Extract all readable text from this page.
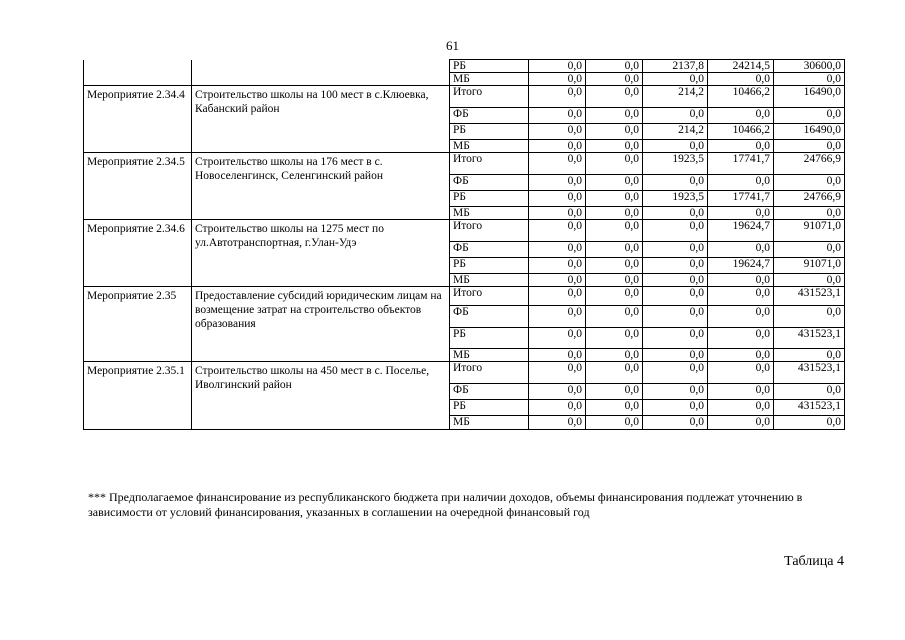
61
		РБ	0,0	0,0	2137,8	24214,5	30600,0
		МБ	0,0	0,0	0,0	0,0	0,0
Мероприятие 2.34.4	Строительство школы на 100 мест в с.Клюевка, Кабанский район	Итого	0,0	0,0	214,2	10466,2	16490,0
		ФБ	0,0	0,0	0,0	0,0	0,0
		РБ	0,0	0,0	214,2	10466,2	16490,0
		МБ	0,0	0,0	0,0	0,0	0,0
Мероприятие 2.34.5	Строительство школы на 176 мест в с. Новоселенгинск, Селенгинский район	Итого	0,0	0,0	1923,5	17741,7	24766,9
		ФБ	0,0	0,0	0,0	0,0	0,0
		РБ	0,0	0,0	1923,5	17741,7	24766,9
		МБ	0,0	0,0	0,0	0,0	0,0
Мероприятие 2.34.6	Строительство школы на 1275 мест по ул.Автотранспортная, г.Улан-Удэ	Итого	0,0	0,0	0,0	19624,7	91071,0
		ФБ	0,0	0,0	0,0	0,0	0,0
		РБ	0,0	0,0	0,0	19624,7	91071,0
		МБ	0,0	0,0	0,0	0,0	0,0
Мероприятие 2.35	Предоставление субсидий юридическим лицам на возмещение затрат на строительство объектов образования	Итого	0,0	0,0	0,0	0,0	431523,1
		ФБ	0,0	0,0	0,0	0,0	0,0
		РБ	0,0	0,0	0,0	0,0	431523,1
		МБ	0,0	0,0	0,0	0,0	0,0
Мероприятие 2.35.1	Строительство школы на 450 мест в с. Поселье, Иволгинский район	Итого	0,0	0,0	0,0	0,0	431523,1
		ФБ	0,0	0,0	0,0	0,0	0,0
		РБ	0,0	0,0	0,0	0,0	431523,1
		МБ	0,0	0,0	0,0	0,0	0,0
*** Предполагаемое финансирование из республиканского бюджета при наличии доходов, объемы финансирования подлежат уточнению в зависимости от условий финансирования, указанных в соглашении на очередной финансовый год
Таблица 4
